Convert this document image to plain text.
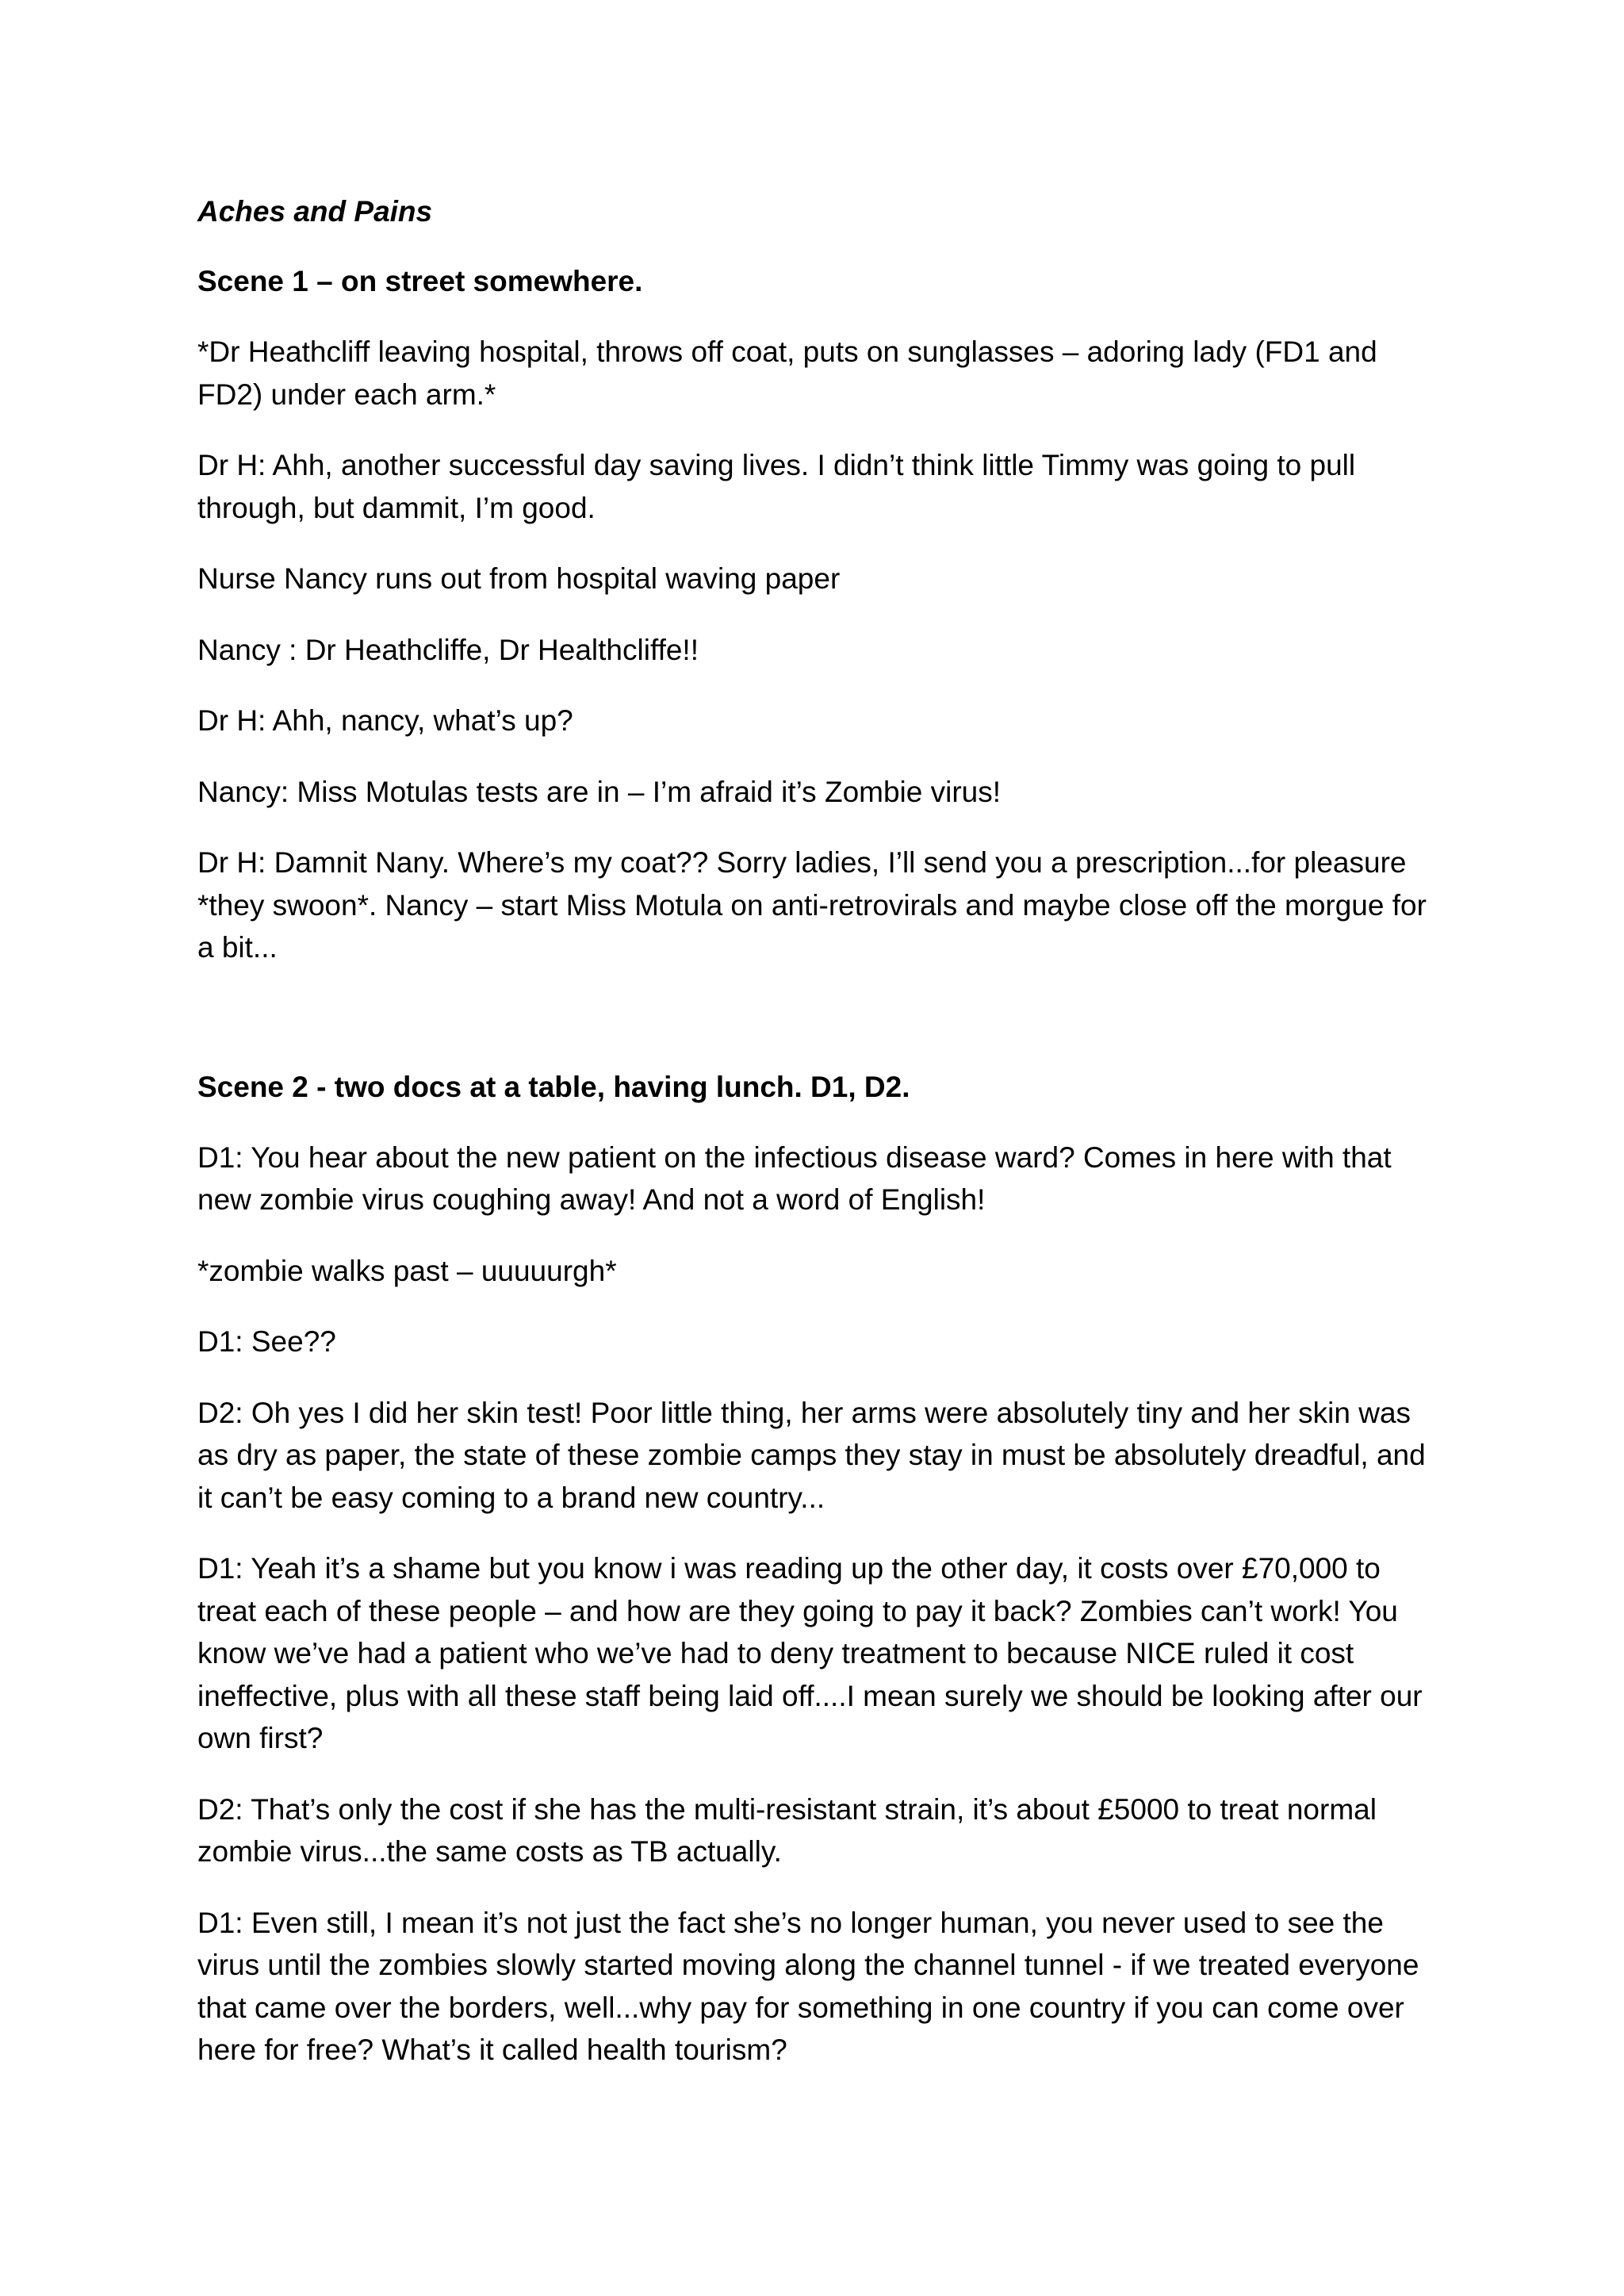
Aches and Pains
Scene 1 – on street somewhere.

*Dr Heathcliff leaving hospital, throws off coat, puts on sunglasses – adoring lady (FD1 and FD2) under each arm.*

Dr H: Ahh, another successful day saving lives. I didn’t think little Timmy was going to pull through, but dammit, I’m good.

Nurse Nancy runs out from hospital waving paper

Nancy : Dr Heathcliffe, Dr Healthcliffe!!

Dr H: Ahh, nancy, what’s up?

Nancy: Miss Motulas tests are in – I’m afraid it’s Zombie virus!

Dr H: Damnit Nany. Where’s my coat?? Sorry ladies, I’ll send you a prescription...for pleasure *they swoon*. Nancy – start Miss Motula on anti-retrovirals and maybe close off the morgue for a bit...

Scene 2 - two docs at a table, having lunch. D1, D2.

D1: You hear about the new patient on the infectious disease ward? Comes in here with that new zombie virus coughing away! And not a word of English!

*zombie walks past – uuuuurgh*

D1: See??

D2: Oh yes I did her skin test! Poor little thing, her arms were absolutely tiny and her skin was as dry as paper, the state of these zombie camps they stay in must be absolutely dreadful, and it can’t be easy coming to a brand new country...

D1: Yeah it’s a shame but you know i was reading up the other day, it costs over £70,000 to treat each of these people – and how are they going to pay it back? Zombies can’t work! You know we’ve had a patient who we’ve had to deny treatment to because NICE ruled it cost ineffective, plus with all these staff being laid off....I mean surely we should be looking after our own first?

D2: That’s only the cost if she has the multi-resistant strain, it’s about £5000 to treat normal zombie virus...the same costs as TB actually.

D1: Even still, I mean it’s not just the fact she’s no longer human, you never used to see the virus until the zombies slowly started moving along the channel tunnel - if we treated everyone that came over the borders, well...why pay for something in one country if you can come over here for free? What’s it called health tourism?
